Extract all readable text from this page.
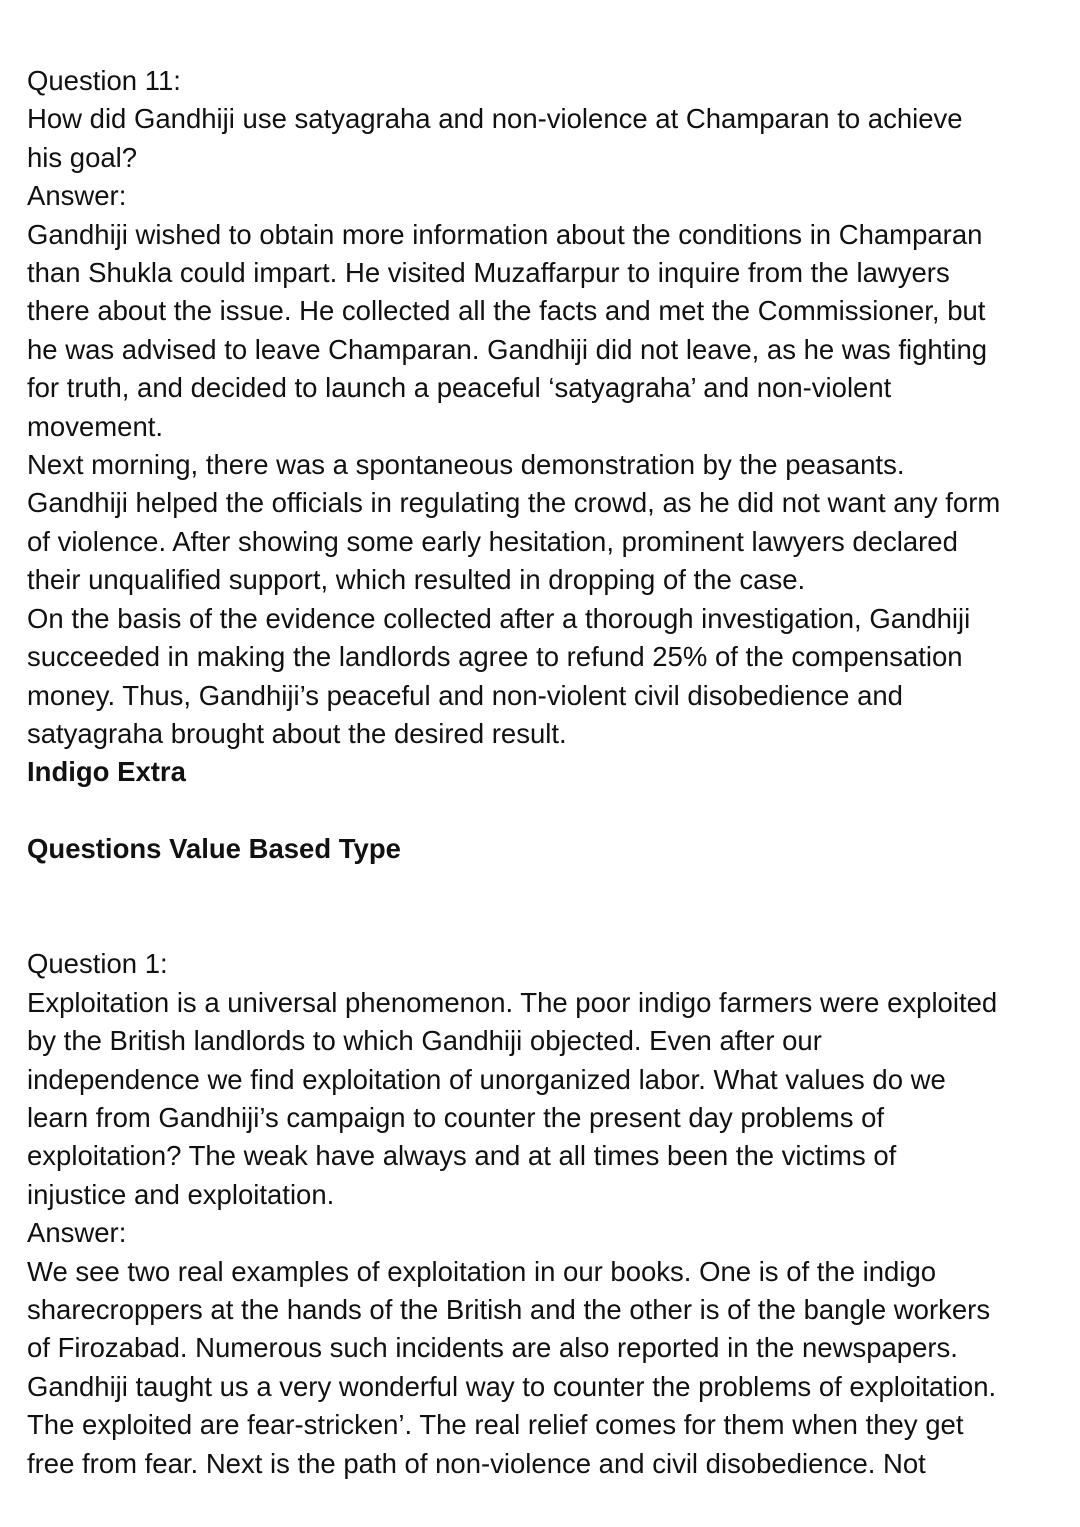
Question 11:
How did Gandhiji use satyagraha and non-violence at Champaran to achieve
his goal?
Answer:
Gandhiji wished to obtain more information about the conditions in Champaran
than Shukla could impart. He visited Muzaffarpur to inquire from the lawyers
there about the issue. He collected all the facts and met the Commissioner, but
he was advised to leave Champaran. Gandhiji did not leave, as he was fighting
for truth, and decided to launch a peaceful ‘satyagraha’ and non-violent
movement.
Next morning, there was a spontaneous demonstration by the peasants.
Gandhiji helped the officials in regulating the crowd, as he did not want any form
of violence. After showing some early hesitation, prominent lawyers declared
their unqualified support, which resulted in dropping of the case.
On the basis of the evidence collected after a thorough investigation, Gandhiji
succeeded in making the landlords agree to refund 25% of the compensation
money. Thus, Gandhiji’s peaceful and non-violent civil disobedience and
satyagraha brought about the desired result.
Indigo Extra
Questions Value Based Type
Question 1:
Exploitation is a universal phenomenon. The poor indigo farmers were exploited
by the British landlords to which Gandhiji objected. Even after our
independence we find exploitation of unorganized labor. What values do we
learn from Gandhiji’s campaign to counter the present day problems of
exploitation? The weak have always and at all times been the victims of
injustice and exploitation.
Answer:
We see two real examples of exploitation in our books. One is of the indigo
sharecroppers at the hands of the British and the other is of the bangle workers
of Firozabad. Numerous such incidents are also reported in the newspapers.
Gandhiji taught us a very wonderful way to counter the problems of exploitation.
The exploited are fear-stricken’. The real relief comes for them when they get
free from fear. Next is the path of non-violence and civil disobedience. Not
